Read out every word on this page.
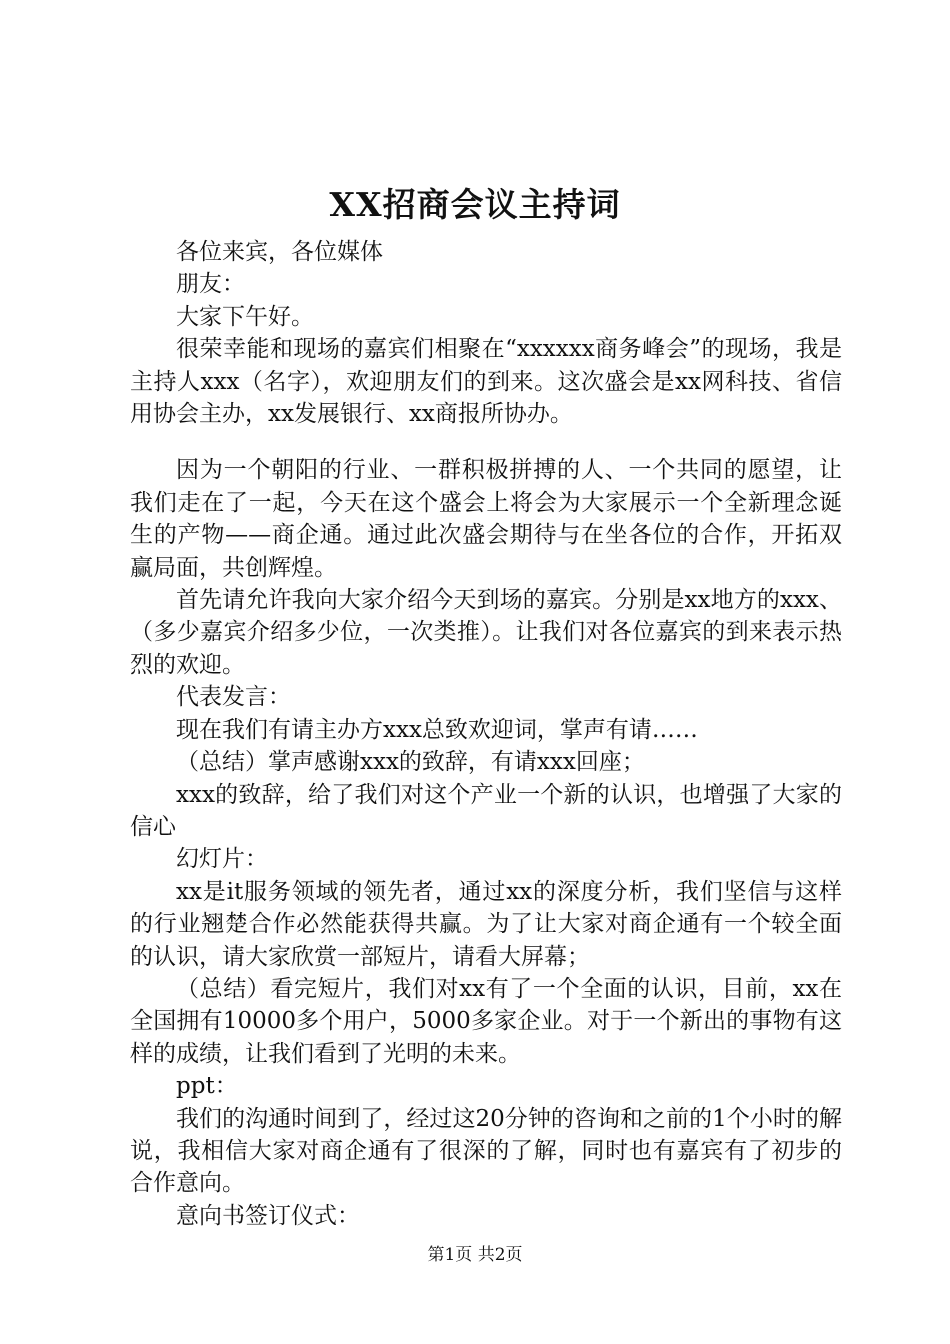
XX招商会议主持词

各位来宾，各位媒体

朋友：

大家下午好。

很荣幸能和现场的嘉宾们相聚在“xxxxxx商务峰会”的现场，我是主持人xxx（名字），欢迎朋友们的到来。这次盛会是xx网科技、省信用协会主办，xx发展银行、xx商报所协办。

因为一个朝阳的行业、一群积极拼搏的人、一个共同的愿望，让我们走在了一起，今天在这个盛会上将会为大家展示一个全新理念诞生的产物——商企通。通过此次盛会期待与在坐各位的合作，开拓双赢局面，共创辉煌。

首先请允许我向大家介绍今天到场的嘉宾。分别是xx地方的xxx、（多少嘉宾介绍多少位，一次类推）。让我们对各位嘉宾的到来表示热烈的欢迎。

代表发言：

现在我们有请主办方xxx总致欢迎词，掌声有请……

（总结）掌声感谢xxx的致辞，有请xxx回座；

xxx的致辞，给了我们对这个产业一个新的认识，也增强了大家的信心

幻灯片：

xx是it服务领域的领先者，通过xx的深度分析，我们坚信与这样的行业翘楚合作必然能获得共赢。为了让大家对商企通有一个较全面的认识，请大家欣赏一部短片，请看大屏幕；

（总结）看完短片，我们对xx有了一个全面的认识，目前，xx在全国拥有10000多个用户，5000多家企业。对于一个新出的事物有这样的成绩，让我们看到了光明的未来。

ppt：

我们的沟通时间到了，经过这20分钟的咨询和之前的1个小时的解说，我相信大家对商企通有了很深的了解，同时也有嘉宾有了初步的合作意向。

意向书签订仪式：

第1页 共2页
